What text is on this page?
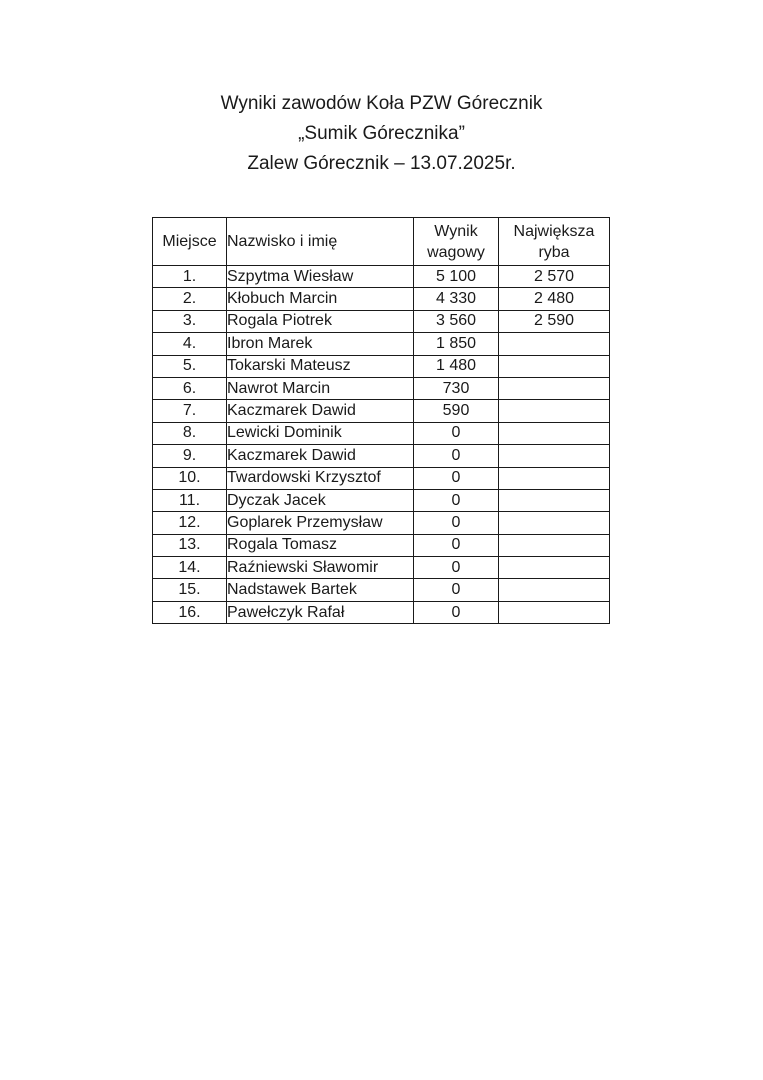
Wyniki zawodów Koła PZW Górecznik
„Sumik Górecznika”
Zalew Górecznik – 13.07.2025r.
Miejsce	Nazwisko i imię	Wynik wagowy	Największa ryba
1.	Szpytma Wiesław	5 100	2 570
2.	Kłobuch Marcin	4 330	2 480
3.	Rogala Piotrek	3 560	2 590
4.	Ibron Marek	1 850	
5.	Tokarski Mateusz	1 480	
6.	Nawrot Marcin	730	
7.	Kaczmarek Dawid	590	
8.	Lewicki Dominik	0	
9.	Kaczmarek Dawid	0	
10.	Twardowski Krzysztof	0	
11.	Dyczak Jacek	0	
12.	Goplarek Przemysław	0	
13.	Rogala Tomasz	0	
14.	Raźniewski Sławomir	0	
15.	Nadstawek Bartek	0	
16.	Pawełczyk Rafał	0	
